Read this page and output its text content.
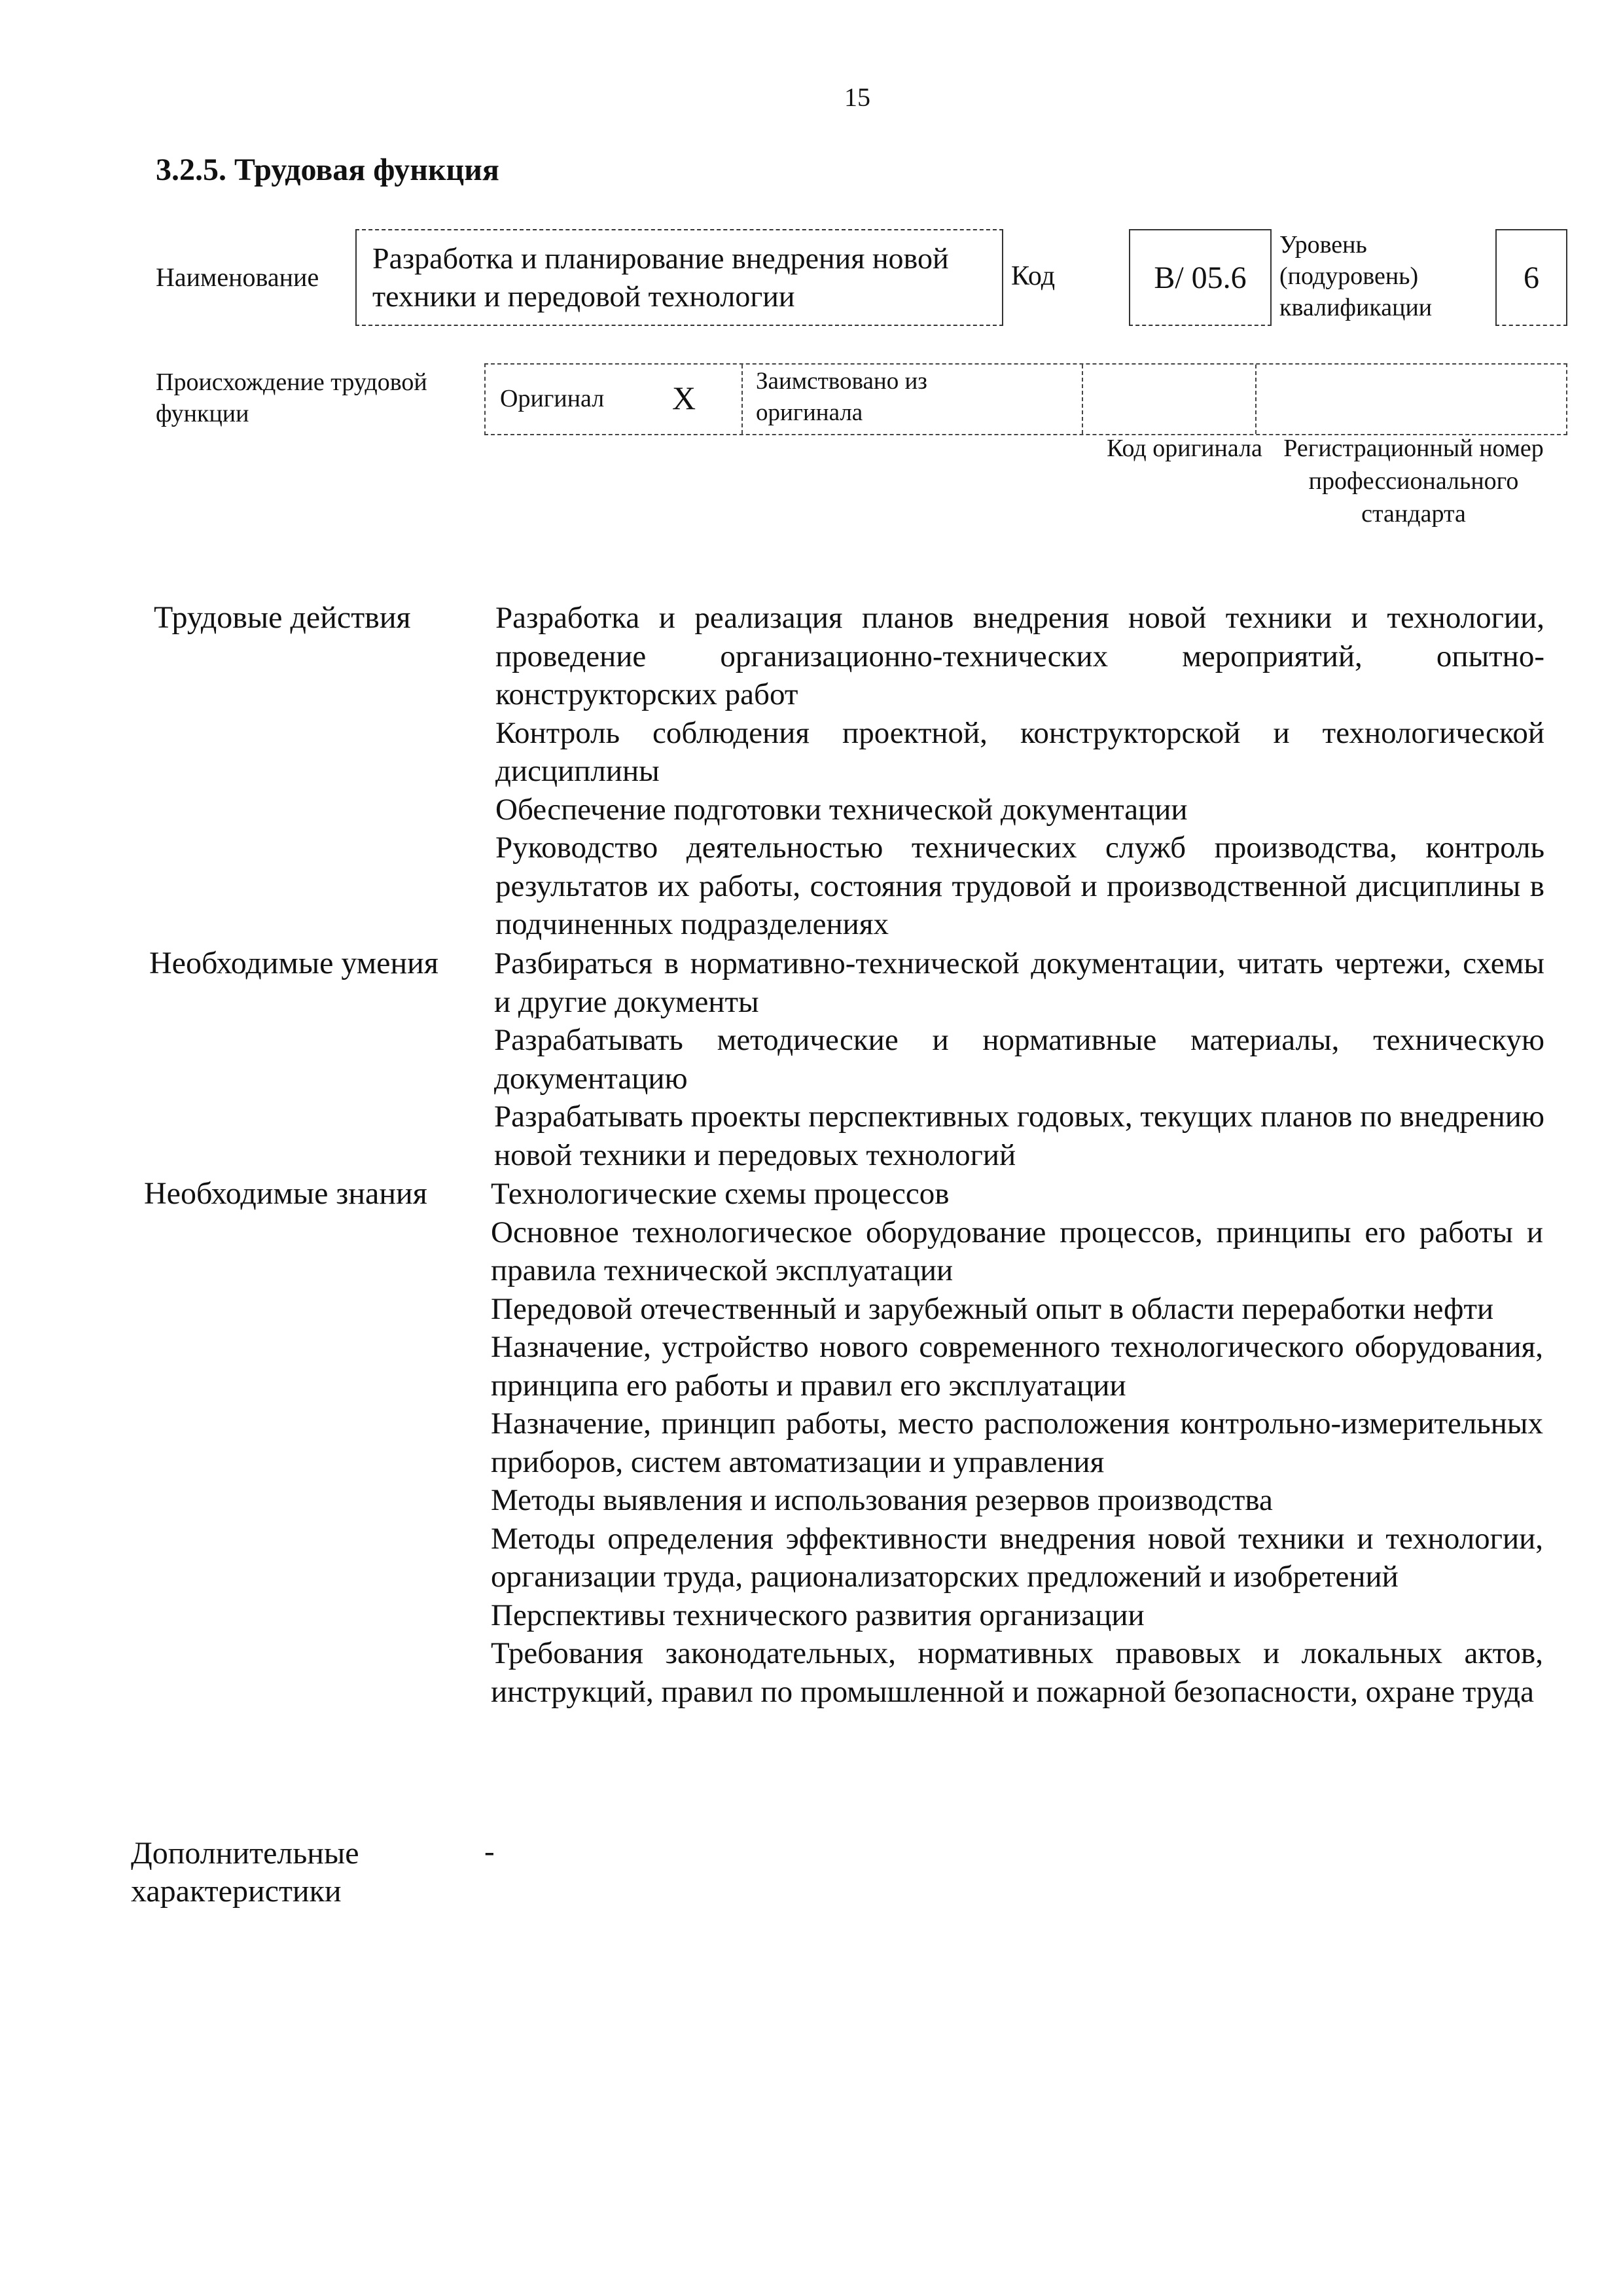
15
3.2.5. Трудовая функция
Наименование
Разработка и планирование внедрения новой техники и передовой технологии
Код	В/ 05.6
Уровень (подуровень) квалификации
6
Происхождение трудовой функции
Оригинал X Заимствовано из оригинала
Код оригинала Регистрационный номер профессионального стандарта
Трудовые действия	Разработка и реализация планов внедрения новой техники и технологии, проведение организационно-технических мероприятий, опытно-конструкторских работ

Контроль соблюдения проектной, конструкторской и технологической дисциплины

Обеспечение подготовки технической документации

Руководство деятельностью технических служб производства, контроль результатов их работы, состояния трудовой и производственной дисциплины в подчиненных подразделениях

Необходимые умения Разбираться в нормативно-технической документации, читать чертежи, схемы и другие документы

Разрабатывать методические и нормативные материалы, техническую документацию

Разрабатывать проекты перспективных годовых, текущих планов по внедрению новой техники и передовых технологий

Необходимые знания Технологические схемы процессов

Основное технологическое оборудование процессов, принципы его работы и правила технической эксплуатации

Передовой отечественный и зарубежный опыт в области переработки нефти

Назначение, устройство нового современного технологического оборудования, принципа его работы и правил его эксплуатации

Назначение, принцип работы, место расположения контрольно-измерительных приборов, систем автоматизации и управления

Методы выявления и использования резервов производства

Методы определения эффективности внедрения новой техники и технологии, организации труда, рационализаторских предложений и изобретений

Перспективы технического развития организации

Требования законодательных, нормативных правовых и локальных актов, инструкций, правил по промышленной и пожарной безопасности, охране труда

Дополнительные характеристики
-
